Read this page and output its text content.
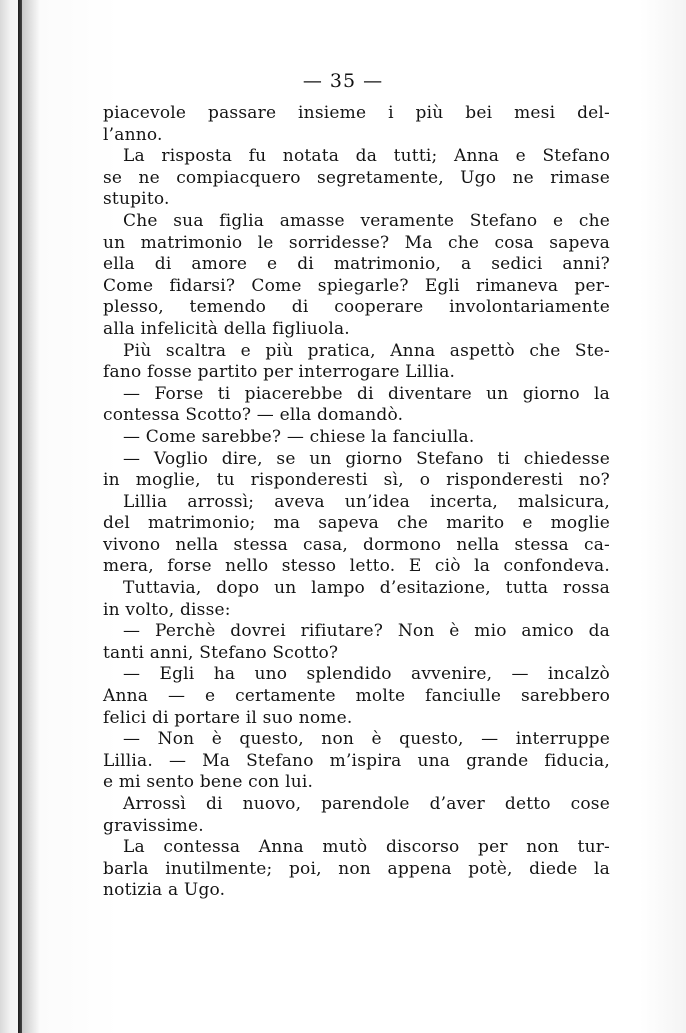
— 35 —
piacevole passare insieme i più bei mesi del-
l’anno.
La risposta fu notata da tutti; Anna e Stefano
se ne compiacquero segretamente, Ugo ne rimase
stupito.
Che sua figlia amasse veramente Stefano e che
un matrimonio le sorridesse? Ma che cosa sapeva
ella di amore e di matrimonio, a sedici anni?
Come fidarsi? Come spiegarle? Egli rimaneva per-
plesso, temendo di cooperare involontariamente
alla infelicità della figliuola.
Più scaltra e più pratica, Anna aspettò che Ste-
fano fosse partito per interrogare Lillia.
— Forse ti piacerebbe di diventare un giorno la
contessa Scotto? — ella domandò.
— Come sarebbe? — chiese la fanciulla.
— Voglio dire, se un giorno Stefano ti chiedesse
in moglie, tu risponderesti sì, o risponderesti no?
Lillia arrossì; aveva un’idea incerta, malsicura,
del matrimonio; ma sapeva che marito e moglie
vivono nella stessa casa, dormono nella stessa ca-
mera, forse nello stesso letto. E ciò la confondeva.
Tuttavia, dopo un lampo d’esitazione, tutta rossa
in volto, disse:
— Perchè dovrei rifiutare? Non è mio amico da
tanti anni, Stefano Scotto?
— Egli ha uno splendido avvenire, — incalzò
Anna — e certamente molte fanciulle sarebbero
felici di portare il suo nome.
— Non è questo, non è questo, — interruppe
Lillia. — Ma Stefano m’ispira una grande fiducia,
e mi sento bene con lui.
Arrossì di nuovo, parendole d’aver detto cose
gravissime.
La contessa Anna mutò discorso per non tur-
barla inutilmente; poi, non appena potè, diede la
notizia a Ugo.
